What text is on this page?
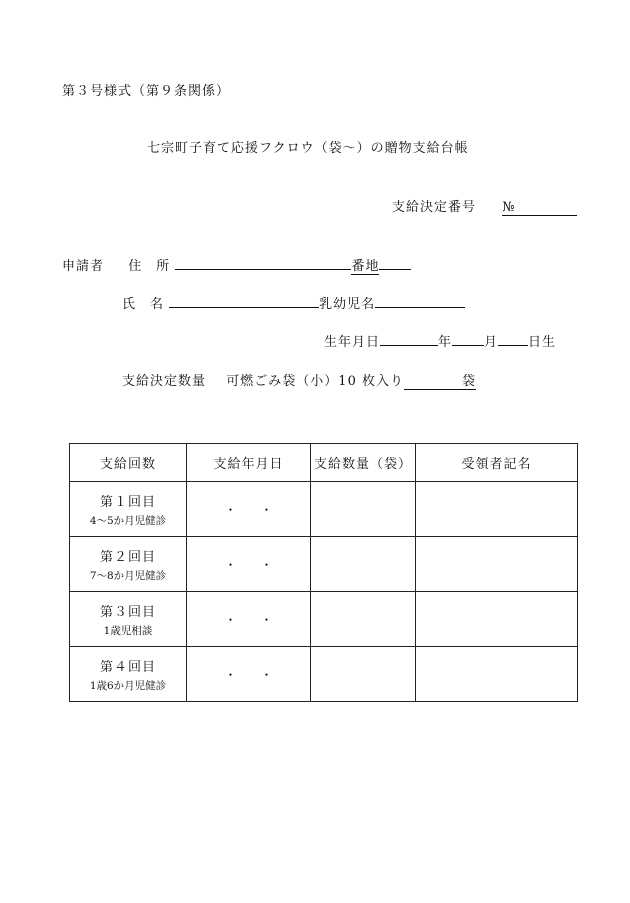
第３号様式（第９条関係）
七宗町子育て応援フクロウ（袋～）の贈物支給台帳
支給決定番号 №
申請者 住　所	番地
氏　名	乳幼児名
生年月日	年 月 日生
支給決定数量 可燃ごみ袋（小）10 枚入り	袋
支給回数	支給年月日	支給数量（袋）	受領者記名

第１回目
4～5か月児健診	・　　・		

第２回目
7～8か月児健診	・　　・		

第３回目
1歳児相談	・　　・		

第４回目
1歳6か月児健診	・　　・		
